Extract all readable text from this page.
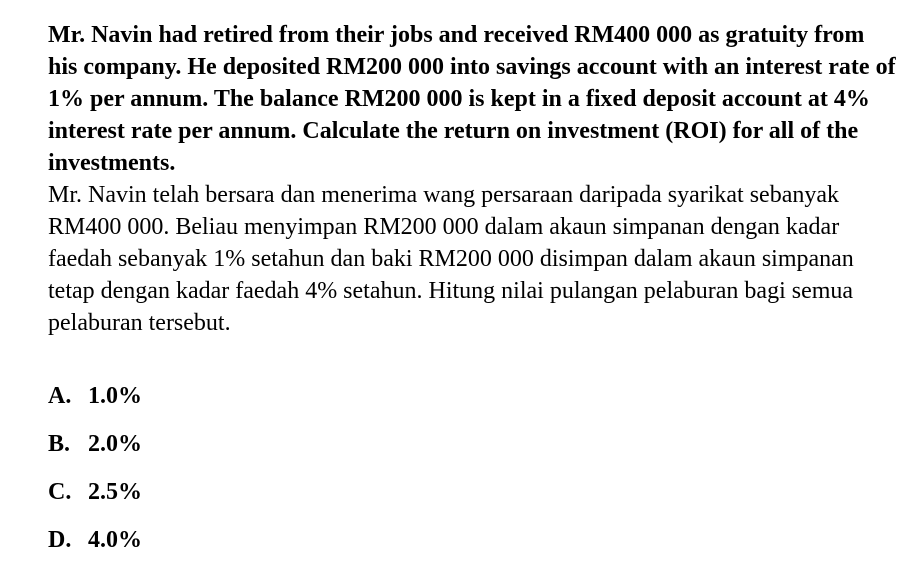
Mr. Navin had retired from their jobs and received RM400 000 as gratuity from his company. He deposited RM200 000 into savings account with an interest rate of 1% per annum. The balance RM200 000 is kept in a fixed deposit account at 4% interest rate per annum. Calculate the return on investment (ROI) for all of the investments.

Mr. Navin telah bersara dan menerima wang persaraan daripada syarikat sebanyak RM400 000. Beliau menyimpan RM200 000 dalam akaun simpanan dengan kadar faedah sebanyak 1% setahun dan baki RM200 000 disimpan dalam akaun simpanan tetap dengan kadar faedah 4% setahun. Hitung nilai pulangan pelaburan bagi semua pelaburan tersebut.

A. 1.0%
B. 2.0%
C. 2.5%
D. 4.0%
